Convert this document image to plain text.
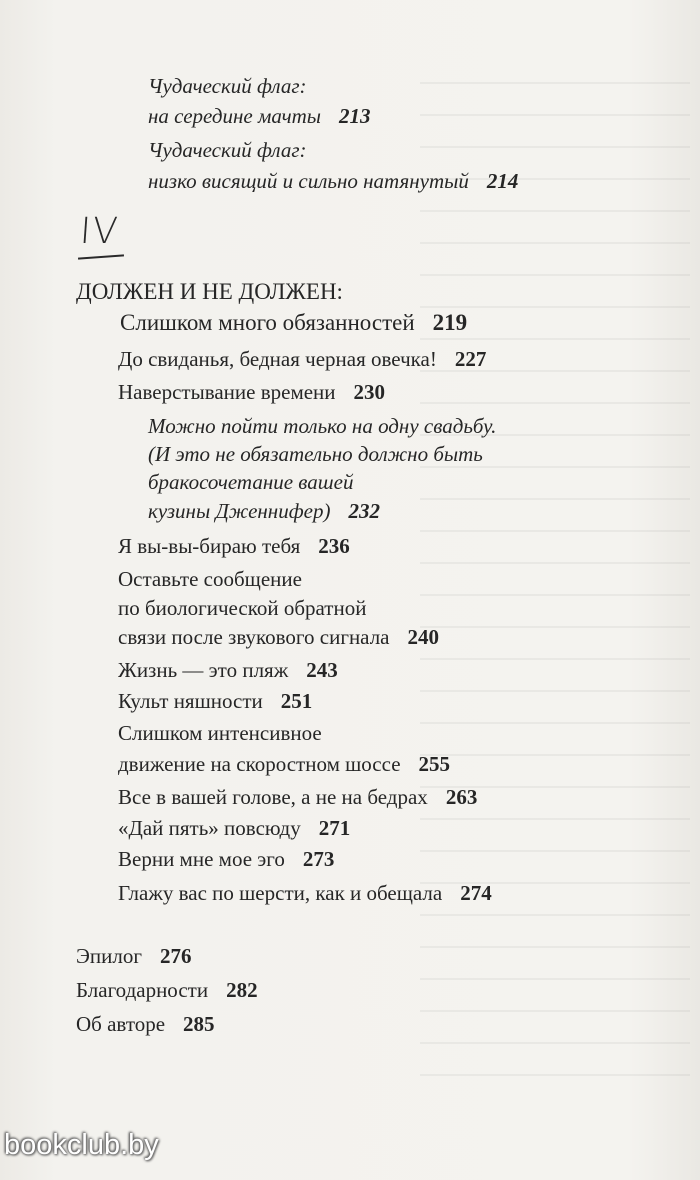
Чудаческий флаг:
на середине мачты 213
Чудаческий флаг:
низко висящий и сильно натянутый 214
IV
ДОЛЖЕН И НЕ ДОЛЖЕН:
Слишком много обязанностей 219
До свиданья, бедная черная овечка! 227
Наверстывание времени 230
Можно пойти только на одну свадьбу.
(И это не обязательно должно быть
бракосочетание вашей
кузины Дженнифер) 232
Я вы-вы-бираю тебя 236
Оставьте сообщение
по биологической обратной
связи после звукового сигнала 240
Жизнь — это пляж 243
Культ няшности 251
Слишком интенсивное
движение на скоростном шоссе 255
Все в вашей голове, а не на бедрах 263
«Дай пять» повсюду 271
Верни мне мое эго 273
Глажу вас по шерсти, как и обещала 274
Эпилог 276
Благодарности 282
Об авторе 285
bookclub.by
